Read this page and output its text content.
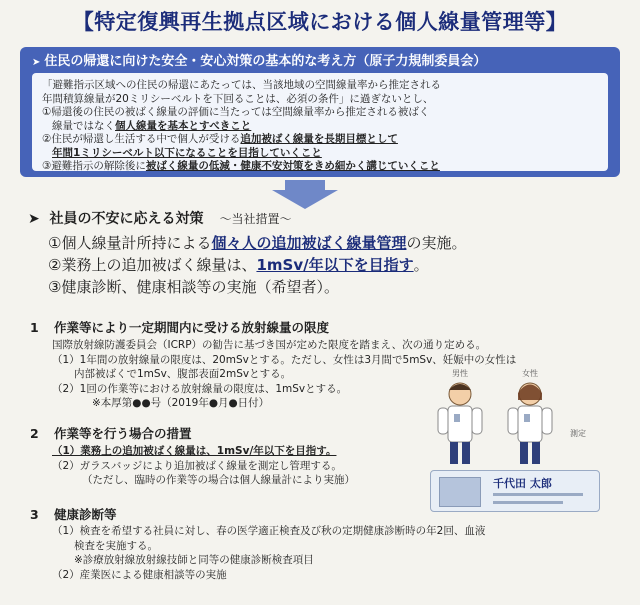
【特定復興再生拠点区域における個人線量管理等】
➤ 住民の帰還に向けた安全・安心対策の基本的な考え方（原子力規制委員会）

「避難指示区域への住民の帰還にあたっては、当該地域の空間線量率から推定される

年間積算線量が20ミリシーベルトを下回ることは、必須の条件」に過ぎないとし、

①帰還後の住民の被ばく線量の評価に当たっては空間線量率から推定される被ばく

線量ではなく個人線量を基本とすべきこと

②住民が帰還し生活する中で個人が受ける追加被ばく線量を長期目標として

年間1ミリシーベルト以下になることを目指していくこと

③避難指示の解除後に被ばく線量の低減・健康不安対策をきめ細かく講じていくこと

➤ 社員の不安に応える対策 ～当社措置～
①個人線量計所持による個々人の追加被ばく線量管理の実施。
②業務上の追加被ばく線量は、1mSv/年以下を目指す。
③健康診断、健康相談等の実施（希望者）。
1 作業等により一定期間内に受ける放射線量の限度
国際放射線防護委員会（ICRP）の勧告に基づき国が定めた限度を踏まえ、次の通り定める。
（1）1年間の放射線量の限度は、20mSvとする。ただし、女性は3月間で5mSv、妊娠中の女性は
内部被ばくで1mSv、腹部表面2mSvとする。
（2）1回の作業等における放射線量の限度は、1mSvとする。
※本厚第●●号（2019年●月●日付）
2 作業等を行う場合の措置
（1）業務上の追加被ばく線量は、1mSv/年以下を目指す。
（2）ガラスバッジにより追加被ばく線量を測定し管理する。
（ただし、臨時の作業等の場合は個人線量計により実施）
3 健康診断等
（1）検査を希望する社員に対し、春の医学適正検査及び秋の定期健康診断時の年2回、血液
検査を実施する。
※診療放射線放射線技師と同等の健康診断検査項目
（2）産業医による健康相談等の実施
男性	女性
測定
千代田 太郎
